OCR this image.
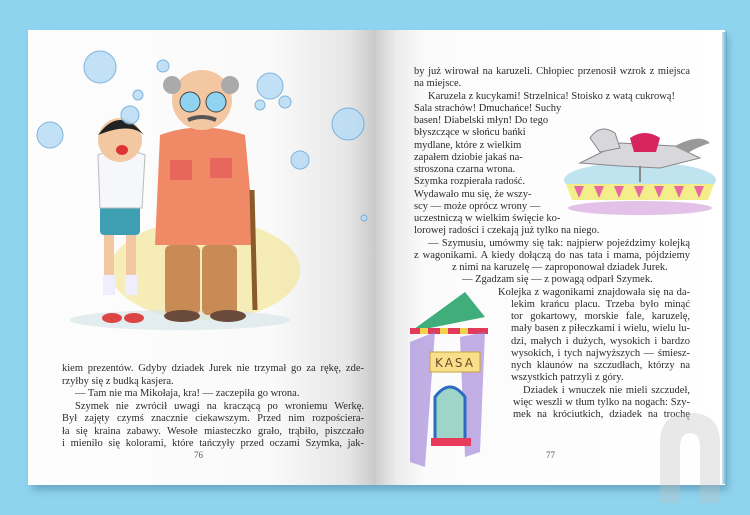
KASA
kiem prezentów. Gdyby dziadek Jurek nie trzymał go za rękę, zde-
rzyłby się z budką kasjera.
— Tam nie ma Mikołaja, kra! — zaczepiła go wrona.
Szymek nie zwrócił uwagi na kraczącą po wroniemu Werkę.
Był zajęty czymś znacznie ciekawszym. Przed nim rozpościera-
ła się kraina zabawy. Wesołe miasteczko grało, trąbiło, piszczało
i mieniło się kolorami, które tańczyły przed oczami Szymka, jak-
by już wirował na karuzeli. Chłopiec przenosił wzrok z miejsca
na miejsce.
Karuzela z kucykami! Strzelnica! Stoisko z watą cukrową!
Sala strachów! Dmuchańce! Suchy
basen! Diabelski młyn! Do tego
błyszczące w słońcu bańki
mydlane, które z wielkim
zapałem dziobie jakaś na-
stroszona czarna wrona.
Szymka rozpierała radość.
Wydawało mu się, że wszy-
scy — może oprócz wrony —
uczestniczą w wielkim święcie ko-
lorowej radości i czekają już tylko na niego.
— Szymusiu, umówmy się tak: najpierw pojeździmy kolejką
z wagonikami. A kiedy dołączą do nas tata i mama, pójdziemy
z nimi na karuzelę — zaproponował dziadek Jurek.
— Zgadzam się — z powagą odparł Szymek.
Kolejka z wagonikami znajdowała się na da-
lekim krańcu placu. Trzeba było minąć
tor gokartowy, morskie fale, karuzelę,
mały basen z piłeczkami i wielu, wielu lu-
dzi, małych i dużych, wysokich i bardzo
wysokich, i tych najwyższych — śmiesz-
nych klaunów na szczudłach, którzy na
wszystkich patrzyli z góry.
Dziadek i wnuczek nie mieli szczudeł,
więc weszli w tłum tylko na nogach: Szy-
mek na króciutkich, dziadek na trochę
76	77
